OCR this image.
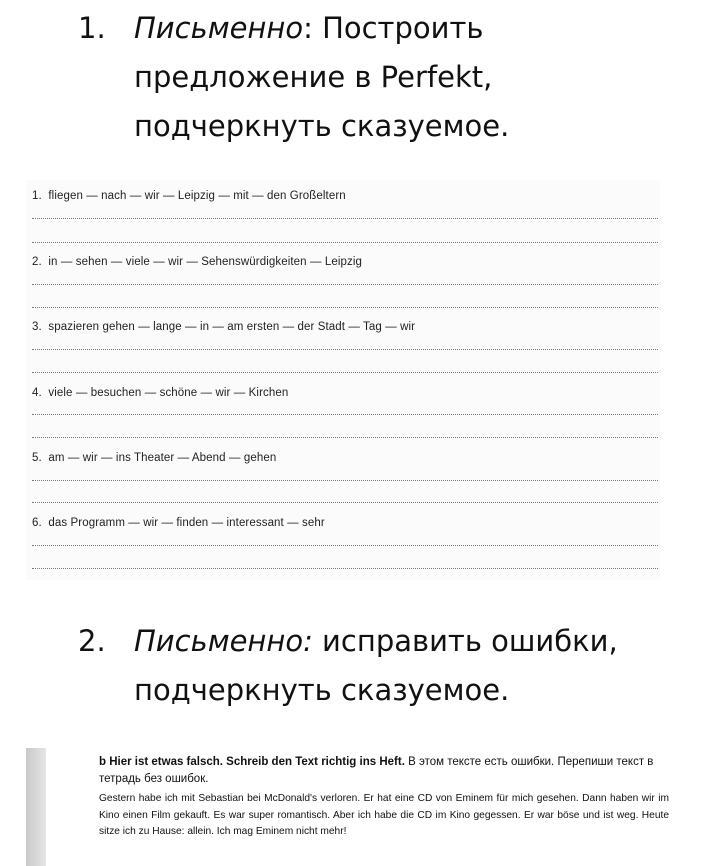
1. Письменно: Построить предложение в Perfekt, подчеркнуть сказуемое.
1. fliegen — nach — wir — Leipzig — mit — den Großeltern
2. in — sehen — viele — wir — Sehenswürdigkeiten — Leipzig
3. spazieren gehen — lange — in — am ersten — der Stadt — Tag — wir
4. viele — besuchen — schöne — wir — Kirchen
5. am — wir — ins Theater — Abend — gehen
6. das Programm — wir — finden — interessant — sehr
2. Письменно: исправить ошибки, подчеркнуть сказуемое.
b Hier ist etwas falsch. Schreib den Text richtig ins Heft. В этом тексте есть ошибки. Перепиши текст в тетрадь без ошибок.
Gestern habe ich mit Sebastian bei McDonald's verloren. Er hat eine CD von Eminem für mich gesehen. Dann haben wir im Kino einen Film gekauft. Es war super romantisch. Aber ich habe die CD im Kino gegessen. Er war böse und ist weg. Heute sitze ich zu Hause: allein. Ich mag Eminem nicht mehr!
